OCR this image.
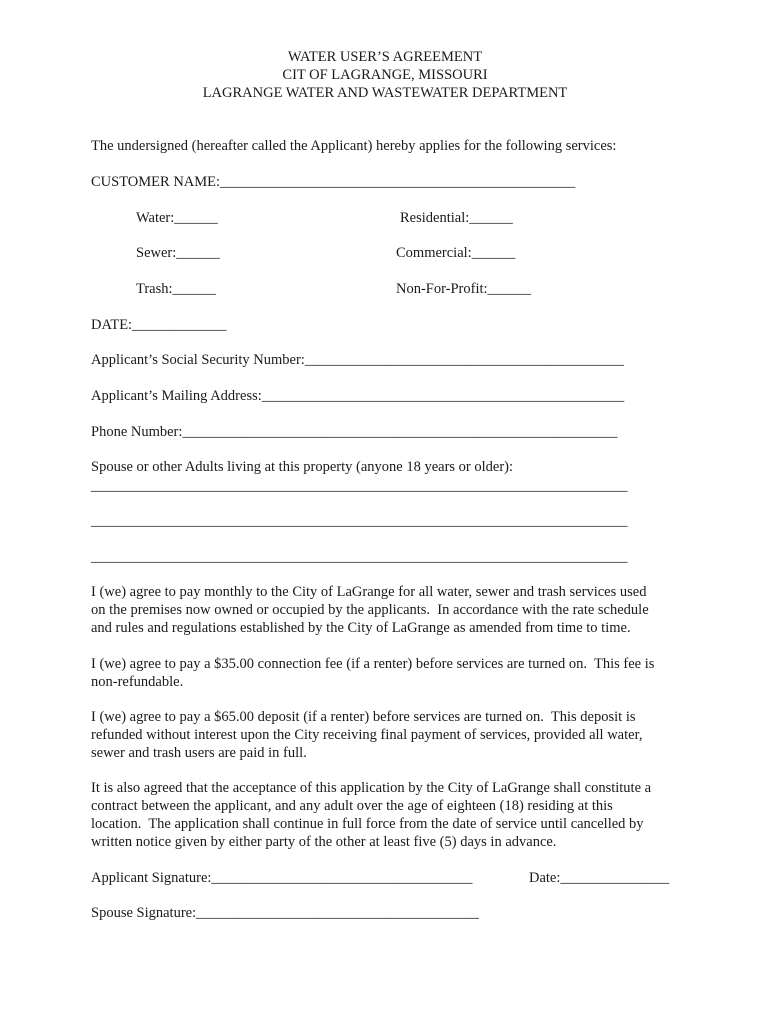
WATER USER’S AGREEMENT
CIT OF LAGRANGE, MISSOURI
LAGRANGE WATER AND WASTEWATER DEPARTMENT
The undersigned (hereafter called the Applicant) hereby applies for the following services:
CUSTOMER NAME:_________________________________________________
Water:______	Residential:______
Sewer:______	Commercial:______
Trash:______	Non-For-Profit:______
DATE:_____________
Applicant’s Social Security Number:____________________________________________
Applicant’s Mailing Address:__________________________________________________
Phone Number:____________________________________________________________
Spouse or other Adults living at this property (anyone 18 years or older):
__________________________________________________________________________
__________________________________________________________________________
__________________________________________________________________________
I (we) agree to pay monthly to the City of LaGrange for all water, sewer and trash services used
on the premises now owned or occupied by the applicants.  In accordance with the rate schedule
and rules and regulations established by the City of LaGrange as amended from time to time.
I (we) agree to pay a $35.00 connection fee (if a renter) before services are turned on.  This fee is
non-refundable.
I (we) agree to pay a $65.00 deposit (if a renter) before services are turned on.  This deposit is
refunded without interest upon the City receiving final payment of services, provided all water,
sewer and trash users are paid in full.
It is also agreed that the acceptance of this application by the City of LaGrange shall constitute a
contract between the applicant, and any adult over the age of eighteen (18) residing at this
location.  The application shall continue in full force from the date of service until cancelled by
written notice given by either party of the other at least five (5) days in advance.
Applicant Signature:____________________________________	Date:_______________
Spouse Signature:_______________________________________
